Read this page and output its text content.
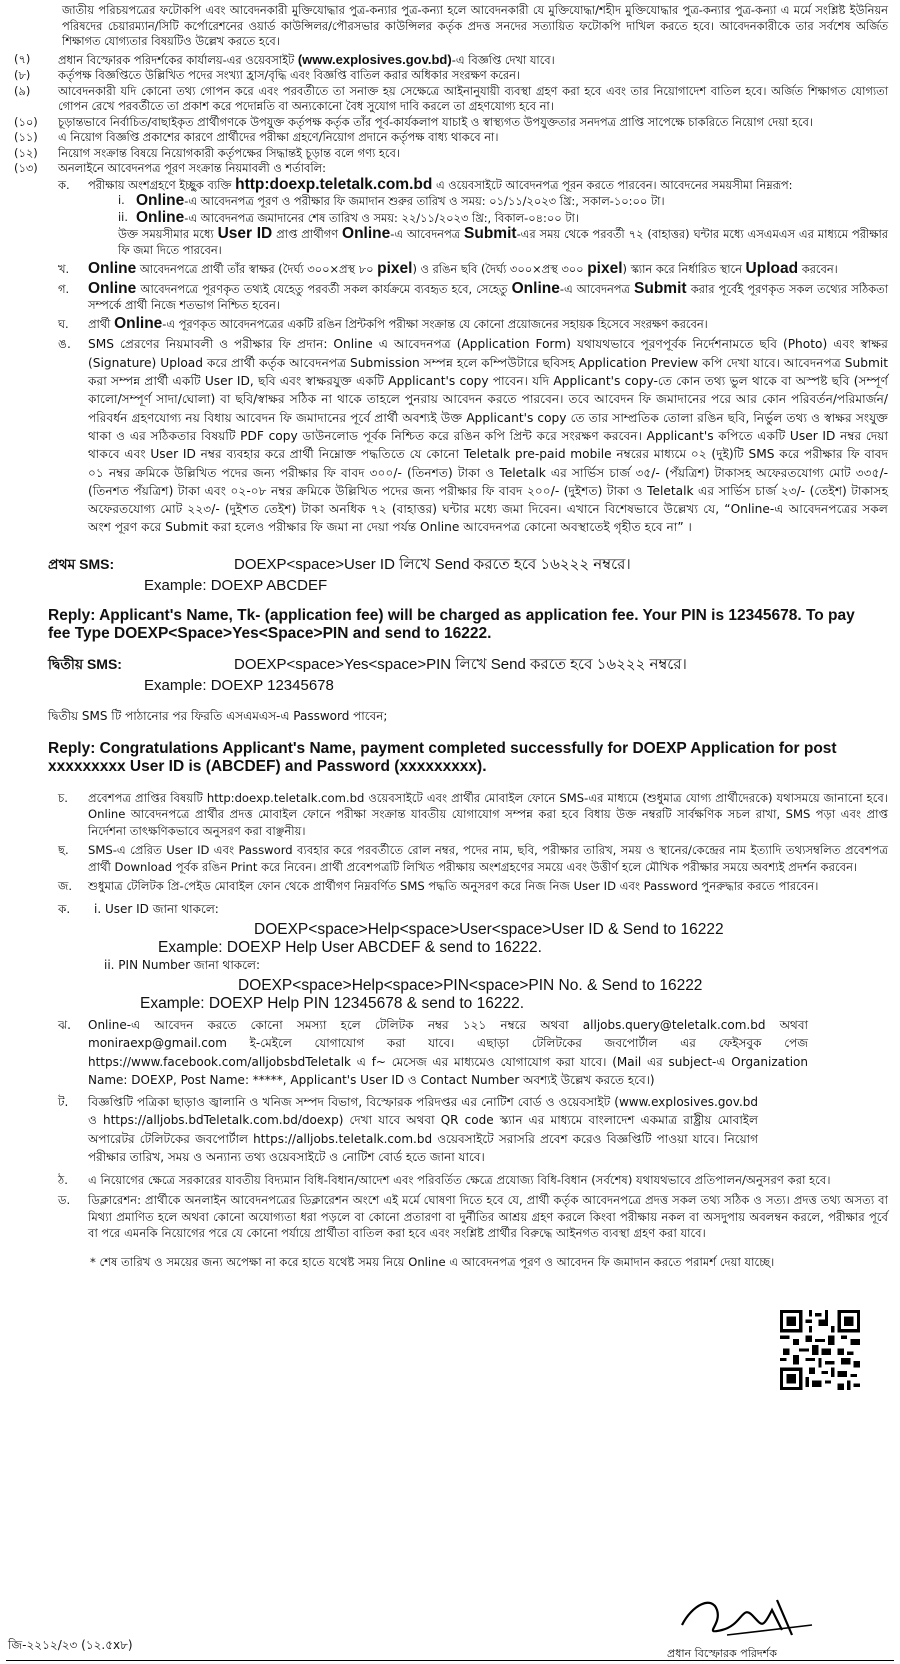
জাতীয় পরিচয়পত্রের ফটোকপি এবং আবেদনকারী মুক্তিযোদ্ধার পুত্র-কন্যার পুত্র-কন্যা হলে আবেদনকারী যে মুক্তিযোদ্ধা/শহীদ মুক্তিযোদ্ধার পুত্র-কন্যার পুত্র-কন্যা এ মর্মে সংশ্লিষ্ট ইউনিয়ন পরিষদের চেয়ারম্যান/সিটি কর্পোরেশনের ওয়ার্ড কাউন্সিলর/পৌরসভার কাউন্সিলর কর্তৃক প্রদত্ত সনদের সত্যায়িত ফটোকপি দাখিল করতে হবে। আবেদনকারীকে তার সর্বশেষ অর্জিত শিক্ষাগত যোগ্যতার বিষয়টিও উল্লেখ করতে হবে।
(৭)	প্রধান বিস্ফোরক পরিদর্শকের কার্যালয়-এর ওয়েবসাইট (www.explosives.gov.bd)-এ বিজ্ঞপ্তি দেখা যাবে।
(৮)	কর্তৃপক্ষ বিজ্ঞপ্তিতে উল্লিখিত পদের সংখ্যা হ্রাস/বৃদ্ধি এবং বিজ্ঞপ্তি বাতিল করার অধিকার সংরক্ষণ করেন।
(৯)	আবেদনকারী যদি কোনো তথ্য গোপন করে এবং পরবর্তীতে তা সনাক্ত হয় সেক্ষেত্রে আইনানুযায়ী ব্যবস্থা গ্রহণ করা হবে এবং তার নিয়োগাদেশ বাতিল হবে। অর্জিত শিক্ষাগত যোগ্যতা গোপন রেখে পরবর্তীতে তা প্রকাশ করে পদোন্নতি বা অন্যকোনো বৈধ সুযোগ দাবি করলে তা গ্রহণযোগ্য হবে না।
(১০)	চূড়ান্তভাবে নির্বাচিত/বাছাইকৃত প্রার্থীগণকে উপযুক্ত কর্তৃপক্ষ কর্তৃক তাঁর পূর্ব-কার্যকলাপ যাচাই ও স্বাস্থ্যগত উপযুক্ততার সনদপত্র প্রাপ্তি সাপেক্ষে চাকরিতে নিয়োগ দেয়া হবে।
(১১)	এ নিয়োগ বিজ্ঞপ্তি প্রকাশের কারণে প্রার্থীদের পরীক্ষা গ্রহণে/নিয়োগ প্রদানে কর্তৃপক্ষ বাধ্য থাকবে না।
(১২)	নিয়োগ সংক্রান্ত বিষয়ে নিয়োগকারী কর্তৃপক্ষের সিদ্ধান্তই চূড়ান্ত বলে গণ্য হবে।
(১৩)	অনলাইনে আবেদনপত্র পূরণ সংক্রান্ত নিয়মাবলী ও শর্তাবলি:
ক.	পরীক্ষায় অংশগ্রহণে ইচ্ছুক ব্যক্তি http:doexp.teletalk.com.bd এ ওয়েবসাইটে আবেদনপত্র পূরন করতে পারবেন। আবেদনের সময়সীমা নিম্নরূপ:
i. Online-এ আবেদনপত্র পূরণ ও পরীক্ষার ফি জমাদান শুরুর তারিখ ও সময়: ০১/১১/২০২৩ খ্রি:, সকাল-১০:০০ টা।
ii. Online-এ আবেদনপত্র জমাদানের শেষ তারিখ ও সময়: ২২/১১/২০২৩ খ্রি:, বিকাল-০৪:০০ টা।
উক্ত সময়সীমার মধ্যে User ID প্রাপ্ত প্রার্থীগণ Online-এ আবেদনপত্র Submit-এর সময় থেকে পরবর্তী ৭২ (বাহাত্তর) ঘন্টার মধ্যে এসএমএস এর মাধ্যমে পরীক্ষার ফি জমা দিতে পারবেন।
খ.	Online আবেদনপত্রে প্রার্থী তাঁর স্বাক্ষর (দৈর্ঘ্য ৩০০×প্রস্থ ৮০ pixel) ও রঙিন ছবি (দৈর্ঘ্য ৩০০×প্রস্থ ৩০০ pixel) স্ক্যান করে নির্ধারিত স্থানে Upload করবেন।
গ.	Online আবেদনপত্রে পূরণকৃত তথ্যই যেহেতু পরবর্তী সকল কার্যক্রমে ব্যবহৃত হবে, সেহেতু Online-এ আবেদনপত্র Submit করার পূর্বেই পূরণকৃত সকল তথ্যের সঠিকতা সম্পর্কে প্রার্থী নিজে শতভাগ নিশ্চিত হবেন।
ঘ.	প্রার্থী Online-এ পূরণকৃত আবেদনপত্রের একটি রঙিন প্রিন্টকপি পরীক্ষা সংক্রান্ত যে কোনো প্রয়োজনের সহায়ক হিসেবে সংরক্ষণ করবেন।
ঙ.	SMS প্রেরণের নিয়মাবলী ও পরীক্ষার ফি প্রদান: Online এ আবেদনপত্র (Application Form) যথাযথভাবে পূরণপূর্বক নির্দেশনামতে ছবি (Photo) এবং স্বাক্ষর (Signature) Upload করে প্রার্থী কর্তৃক আবেদনপত্র Submission সম্পন্ন হলে কম্পিউটারে ছবিসহ Application Preview কপি দেখা যাবে। আবেদনপত্র Submit করা সম্পন্ন প্রার্থী একটি User ID, ছবি এবং স্বাক্ষরযুক্ত একটি Applicant's copy পাবেন। যদি Applicant's copy-তে কোন তথ্য ভুল থাকে বা অস্পষ্ট ছবি (সম্পূর্ণ কালো/সম্পূর্ণ সাদা/ঘোলা) বা ছবি/স্বাক্ষর সঠিক না থাকে তাহলে পুনরায় আবেদন করতে পারবেন। তবে আবেদন ফি জমাদানের পরে আর কোন পরিবর্তন/পরিমার্জন/ পরিবর্ধন গ্রহণযোগ্য নয় বিধায় আবেদন ফি জমাদানের পূর্বে প্রার্থী অবশ্যই উক্ত Applicant's copy তে তার সাম্প্রতিক তোলা রঙিন ছবি, নির্ভুল তথ্য ও স্বাক্ষর সংযুক্ত থাকা ও এর সঠিকতার বিষয়টি PDF copy ডাউনলোড পূর্বক নিশ্চিত করে রঙিন কপি প্রিন্ট করে সংরক্ষণ করবেন। Applicant's কপিতে একটি User ID নম্বর দেয়া থাকবে এবং User ID নম্বর ব্যবহার করে প্রার্থী নিম্নোক্ত পদ্ধতিতে যে কোনো Teletalk pre-paid mobile নম্বরের মাধ্যমে ০২ (দুই)টি SMS করে পরীক্ষার ফি বাবদ ০১ নম্বর ক্রমিকে উল্লিখিত পদের জন্য পরীক্ষার ফি বাবদ ৩০০/- (তিনশত) টাকা ও Teletalk এর সার্ভিস চার্জ ৩৫/- (পঁয়ত্রিশ) টাকাসহ অফেরতযোগ্য মোট ৩৩৫/- (তিনশত পঁয়ত্রিশ) টাকা এবং ০২-০৮ নম্বর ক্রমিকে উল্লিখিত পদের জন্য পরীক্ষার ফি বাবদ ২০০/- (দুইশত) টাকা ও Teletalk এর সার্ভিস চার্জ ২৩/- (তেইশ) টাকাসহ অফেরতযোগ্য মোট ২২৩/- (দুইশত তেইশ) টাকা অনধিক ৭২ (বাহাত্তর) ঘন্টার মধ্যে জমা দিবেন। এখানে বিশেষভাবে উল্লেখ্য যে, “Online-এ আবেদনপত্রের সকল অংশ পূরণ করে Submit করা হলেও পরীক্ষার ফি জমা না দেয়া পর্যন্ত Online আবেদনপত্র কোনো অবস্থাতেই গৃহীত হবে না” ।
প্রথম SMS:	DOEXP<space>User ID লিখে Send করতে হবে ১৬২২২ নম্বরে।
Example: DOEXP ABCDEF
Reply: Applicant's Name, Tk- (application fee) will be charged as application fee. Your PIN is 12345678. To pay fee Type DOEXP<Space>Yes<Space>PIN and send to 16222.
দ্বিতীয় SMS:	DOEXP<space>Yes<space>PIN লিখে Send করতে হবে ১৬২২২ নম্বরে।
Example: DOEXP 12345678
দ্বিতীয় SMS টি পাঠানোর পর ফিরতি এসএমএস-এ Password পাবেন;
Reply: Congratulations Applicant's Name, payment completed successfully for DOEXP Application for post xxxxxxxxx User ID is (ABCDEF) and Password (xxxxxxxxx).
চ.	প্রবেশপত্র প্রাপ্তির বিষয়টি http:doexp.teletalk.com.bd ওয়েবসাইটে এবং প্রার্থীর মোবাইল ফোনে SMS-এর মাধ্যমে (শুধুমাত্র যোগ্য প্রার্থীদেরকে) যথাসময়ে জানানো হবে। Online আবেদনপত্রে প্রার্থীর প্রদত্ত মোবাইল ফোনে পরীক্ষা সংক্রান্ত যাবতীয় যোগাযোগ সম্পন্ন করা হবে বিধায় উক্ত নম্বরটি সার্বক্ষণিক সচল রাখা, SMS পড়া এবং প্রাপ্ত নির্দেশনা তাৎক্ষণিকভাবে অনুসরণ করা বাঞ্ছনীয়।
ছ.	SMS-এ প্রেরিত User ID এবং Password ব্যবহার করে পরবর্তীতে রোল নম্বর, পদের নাম, ছবি, পরীক্ষার তারিখ, সময় ও স্থানের/কেন্দ্রের নাম ইত্যাদি তথ্যসম্বলিত প্রবেশপত্র প্রার্থী Download পূর্বক রঙিন Print করে নিবেন। প্রার্থী প্রবেশপত্রটি লিখিত পরীক্ষায় অংশগ্রহণের সময়ে এবং উত্তীর্ণ হলে মৌখিক পরীক্ষার সময়ে অবশ্যই প্রদর্শন করবেন।
জ.	শুধুমাত্র টেলিটক প্রি-পেইড মোবাইল ফোন থেকে প্রার্থীগণ নিম্নবর্ণিত SMS পদ্ধতি অনুসরণ করে নিজ নিজ User ID এবং Password পুনরুদ্ধার করতে পারবেন।
ক.	i. User ID জানা থাকলে:
DOEXP<space>Help<space>User<space>User ID & Send to 16222
Example: DOEXP Help User ABCDEF & send to 16222.
ii. PIN Number জানা থাকলে:
DOEXP<space>Help<space>PIN<space>PIN No. & Send to 16222
Example: DOEXP Help PIN 12345678 & send to 16222.
ঝ.	Online-এ আবেদন করতে কোনো সমস্যা হলে টেলিটক নম্বর ১২১ নম্বরে অথবা alljobs.query@teletalk.com.bd অথবা moniraexp@gmail.com ই-মেইলে যোগাযোগ করা যাবে। এছাড়া টেলিটকের জবপোর্টাল এর ফেইসবুক পেজ https://www.facebook.com/alljobsbdTeletalk এ f~ মেসেজ এর মাধ্যমেও যোগাযোগ করা যাবে। (Mail এর subject-এ Organization Name: DOEXP, Post Name: *****, Applicant's User ID ও Contact Number অবশ্যই উল্লেখ করতে হবে।)
ট.	বিজ্ঞপ্তিটি পত্রিকা ছাড়াও জ্বালানি ও খনিজ সম্পদ বিভাগ, বিস্ফোরক পরিদপ্তর এর নোটিশ বোর্ড ও ওয়েবসাইট (www.explosives.gov.bd ও https://alljobs.bdTeletalk.com.bd/doexp) দেখা যাবে অথবা QR code স্ক্যান এর মাধ্যমে বাংলাদেশ একমাত্র রাষ্ট্রীয় মোবাইল অপারেটর টেলিটকের জবপোর্টাল https://alljobs.teletalk.com.bd ওয়েবসাইটে সরাসরি প্রবেশ করেও বিজ্ঞপ্তিটি পাওয়া যাবে। নিয়োগ পরীক্ষার তারিখ, সময় ও অন্যান্য তথ্য ওয়েবসাইটে ও নোটিশ বোর্ড হতে জানা যাবে।
ঠ.	এ নিয়োগের ক্ষেত্রে সরকারের যাবতীয় বিদ্যমান বিধি-বিধান/আদেশ এবং পরিবর্তিত ক্ষেত্রে প্রযোজ্য বিধি-বিধান (সর্বশেষ) যথাযথভাবে প্রতিপালন/অনুসরণ করা হবে।
ড.	ডিক্লারেশন: প্রার্থীকে অনলাইন আবেদনপত্রের ডিক্লারেশন অংশে এই মর্মে ঘোষণা দিতে হবে যে, প্রার্থী কর্তৃক আবেদনপত্রে প্রদত্ত সকল তথ্য সঠিক ও সত্য। প্রদত্ত তথ্য অসত্য বা মিথ্যা প্রমাণিত হলে অথবা কোনো অযোগ্যতা ধরা পড়লে বা কোনো প্রতারণা বা দুর্নীতির আশ্রয় গ্রহণ করলে কিংবা পরীক্ষায় নকল বা অসদুপায় অবলম্বন করলে, পরীক্ষার পূর্বে বা পরে এমনকি নিয়োগের পরে যে কোনো পর্যায়ে প্রার্থীতা বাতিল করা হবে এবং সংশ্লিষ্ট প্রার্থীর বিরুদ্ধে আইনগত ব্যবস্থা গ্রহণ করা যাবে।
* শেষ তারিখ ও সময়ের জন্য অপেক্ষা না করে হাতে যথেষ্ট সময় নিয়ে Online এ আবেদনপত্র পূরণ ও আবেদন ফি জমাদান করতে পরামর্শ দেয়া যাচ্ছে।
জি-২২১২/২৩ (১২.৫x৮)
প্রধান বিস্ফোরক পরিদর্শক
